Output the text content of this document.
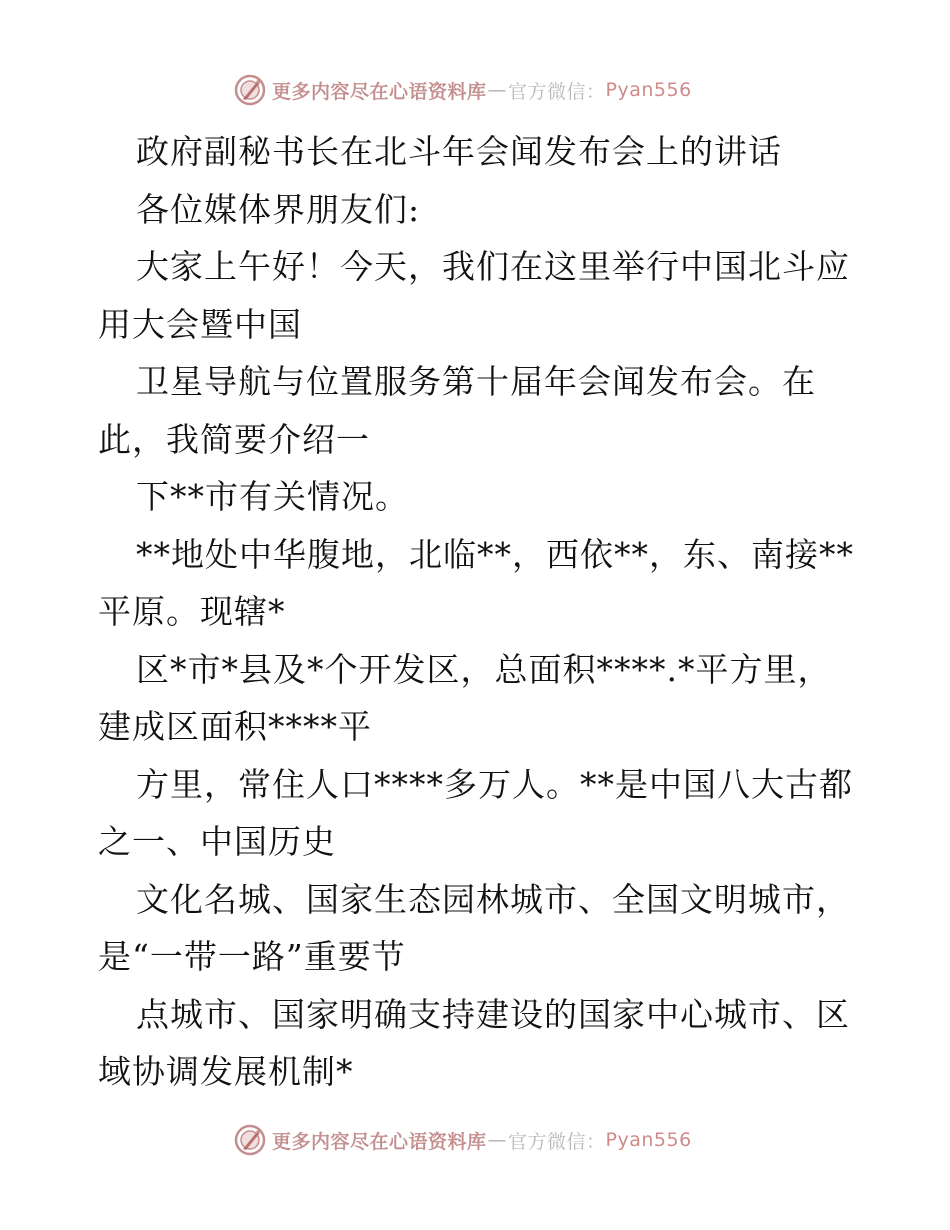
更多内容尽在心语资料库 — 官方微信： Pyan556
政府副秘书长在北斗年会闻发布会上的讲话
各位媒体界朋友们:
大家上午好！今天，我们在这里举行中国北斗应
用大会暨中国
卫星导航与位置服务第十届年会闻发布会。在
此，我简要介绍一
下**市有关情况。
**地处中华腹地，北临**，西依**，东、南接**
平原。现辖*
区*市*县及*个开发区，总面积****.*平方里，
建成区面积****平
方里，常住人口****多万人。**是中国八大古都
之一、中国历史
文化名城、国家生态园林城市、全国文明城市，
是“一带一路”重要节
点城市、国家明确支持建设的国家中心城市、区
域协调发展机制*
更多内容尽在心语资料库 — 官方微信： Pyan556
